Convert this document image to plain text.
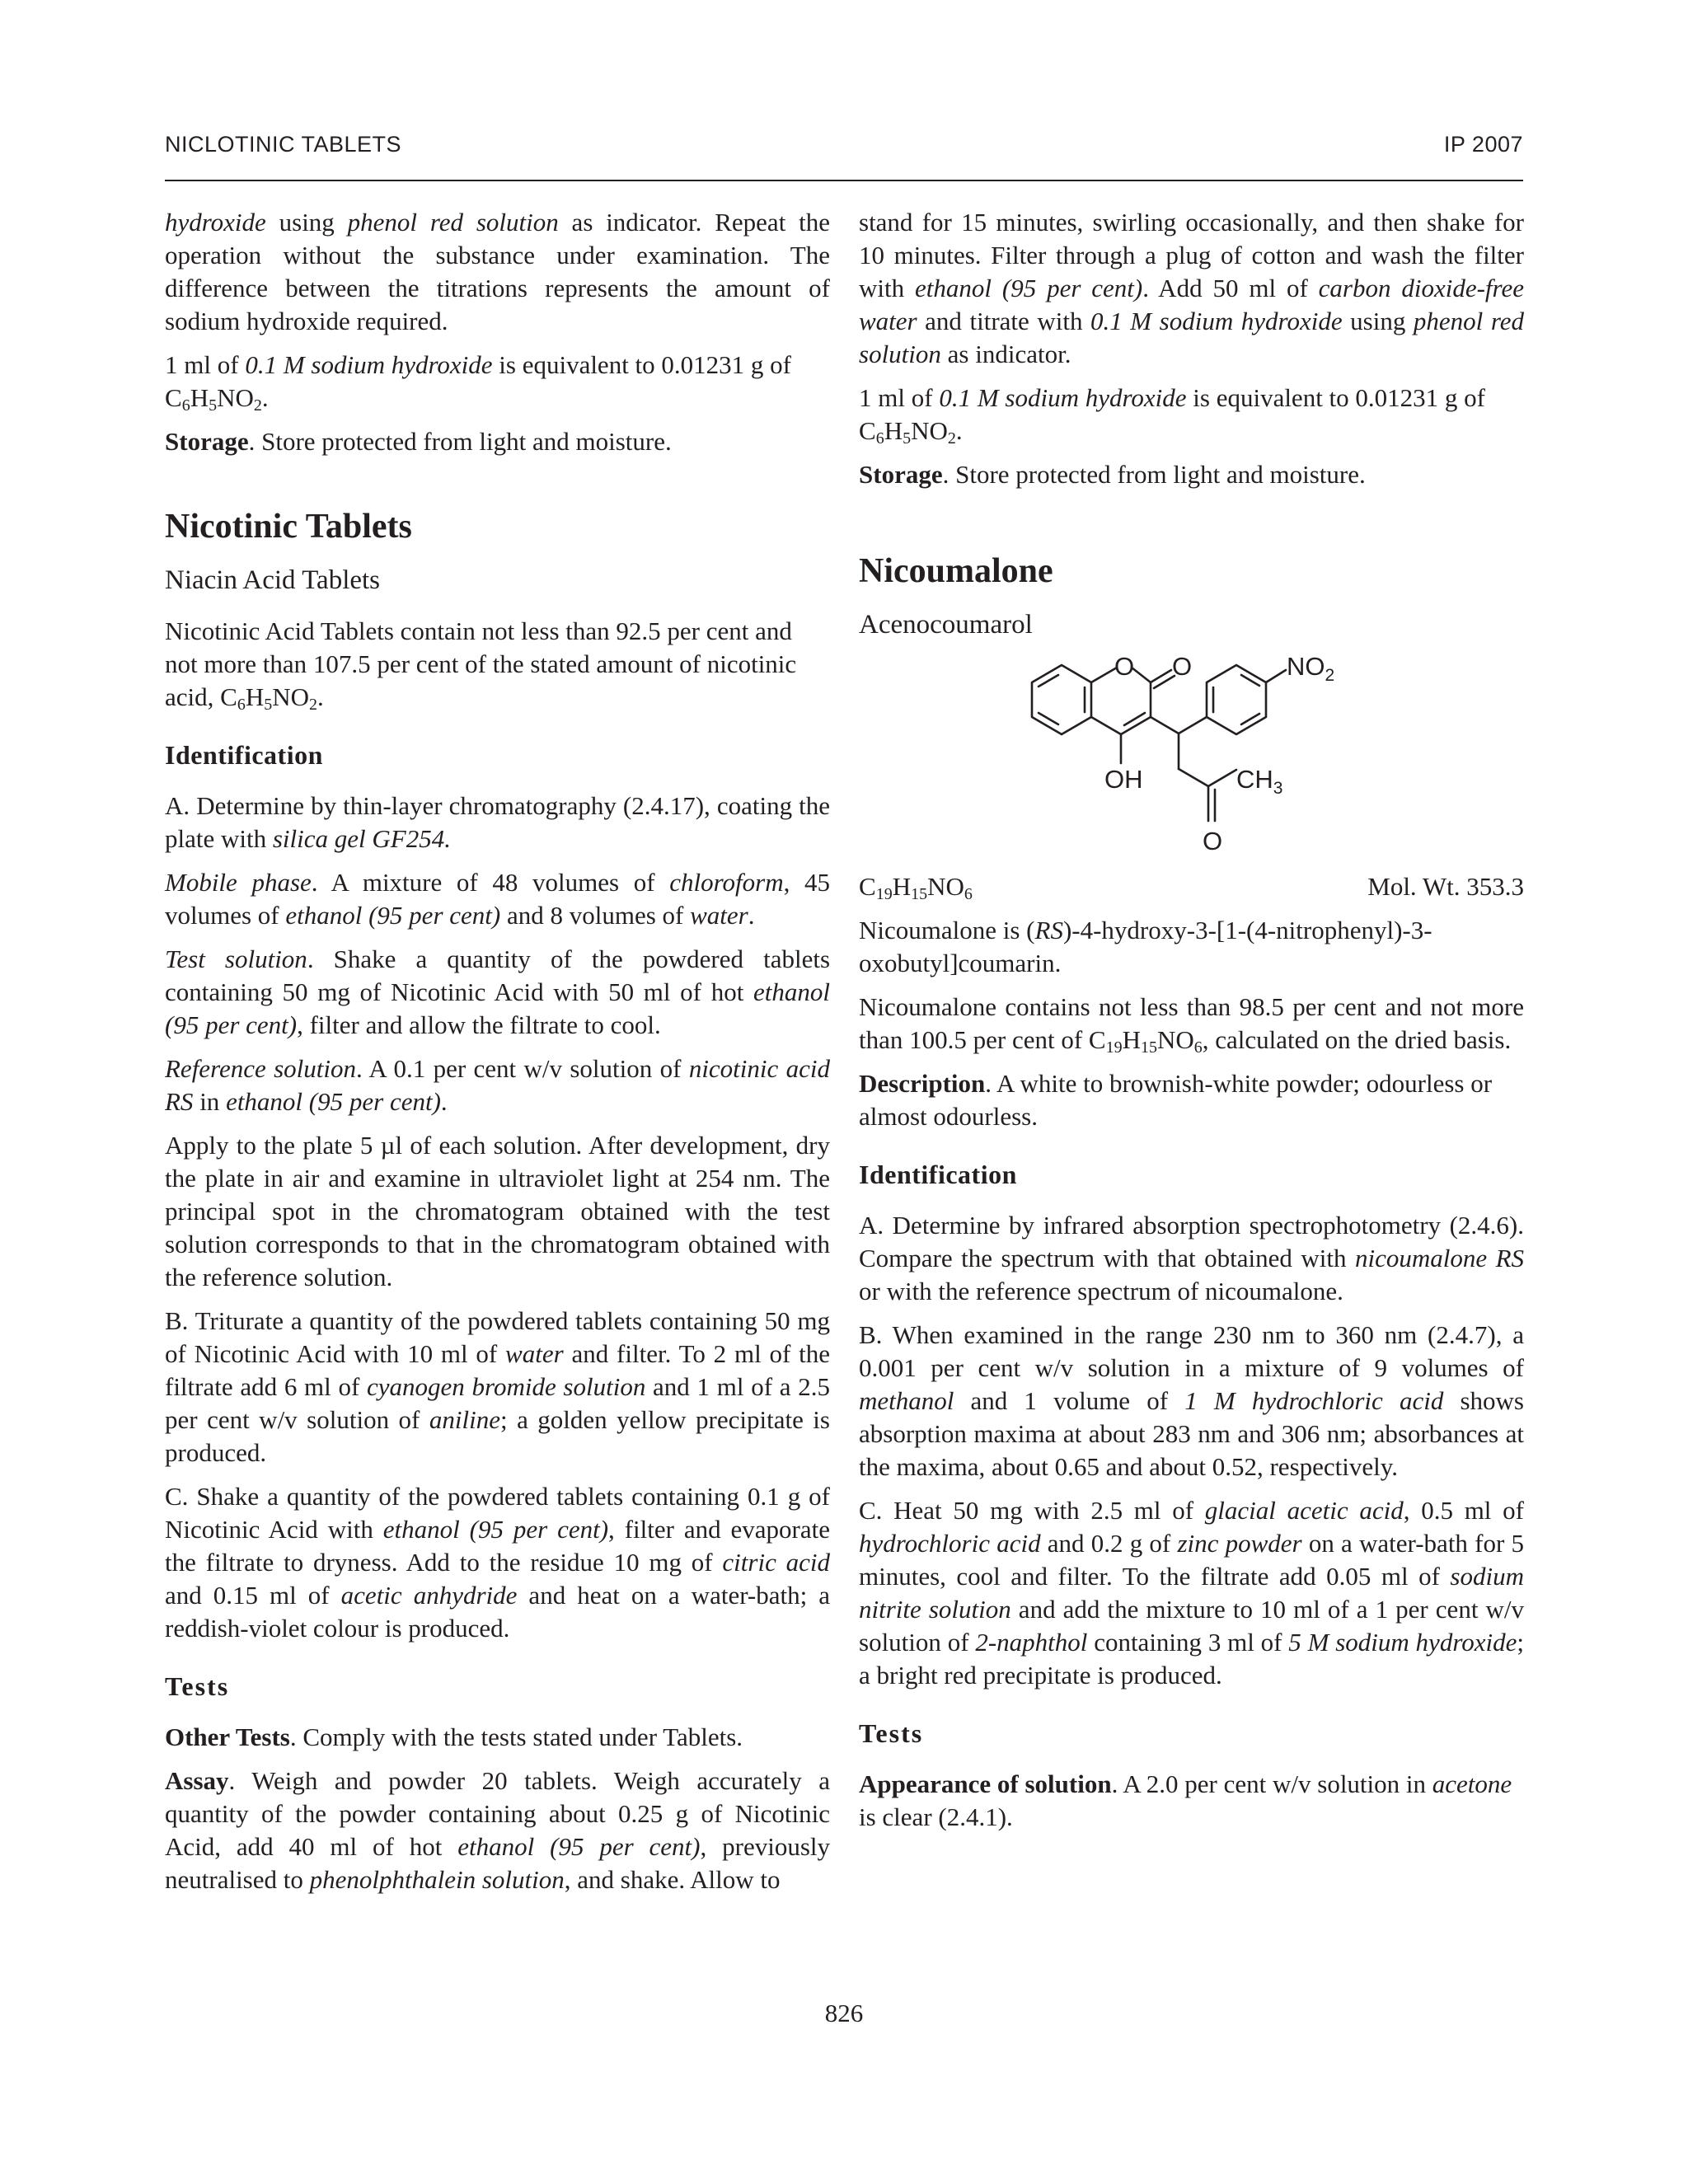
NICLOTINIC TABLETS	IP 2007

hydroxide using phenol red solution as indicator. Repeat the operation without the substance under examination. The difference between the titrations represents the amount of sodium hydroxide required.

1 ml of 0.1 M sodium hydroxide is equivalent to 0.01231 g of $C_6H_5NO_2$.

Storage. Store protected from light and moisture.

Nicotinic Tablets
Niacin Acid Tablets

Nicotinic Acid Tablets contain not less than 92.5 per cent and not more than 107.5 per cent of the stated amount of nicotinic acid, $C_6H_5NO_2$.

Identification

A. Determine by thin-layer chromatography (2.4.17), coating the plate with silica gel GF254.

Mobile phase. A mixture of 48 volumes of chloroform, 45 volumes of ethanol (95 per cent) and 8 volumes of water.

Test solution. Shake a quantity of the powdered tablets containing 50 mg of Nicotinic Acid with 50 ml of hot ethanol (95 per cent), filter and allow the filtrate to cool.

Reference solution. A 0.1 per cent w/v solution of nicotinic acid RS in ethanol (95 per cent).

Apply to the plate 5 µl of each solution. After development, dry the plate in air and examine in ultraviolet light at 254 nm. The principal spot in the chromatogram obtained with the test solution corresponds to that in the chromatogram obtained with the reference solution.

B. Triturate a quantity of the powdered tablets containing 50 mg of Nicotinic Acid with 10 ml of water and filter. To 2 ml of the filtrate add 6 ml of cyanogen bromide solution and 1 ml of a 2.5 per cent w/v solution of aniline; a golden yellow precipitate is produced.

C. Shake a quantity of the powdered tablets containing 0.1 g of Nicotinic Acid with ethanol (95 per cent), filter and evaporate the filtrate to dryness. Add to the residue 10 mg of citric acid and 0.15 ml of acetic anhydride and heat on a water-bath; a reddish-violet colour is produced.

Tests

Other Tests. Comply with the tests stated under Tablets.

Assay. Weigh and powder 20 tablets. Weigh accurately a quantity of the powder containing about 0.25 g of Nicotinic Acid, add 40 ml of hot ethanol (95 per cent), previously neutralised to phenolphthalein solution, and shake. Allow to

stand for 15 minutes, swirling occasionally, and then shake for 10 minutes. Filter through a plug of cotton and wash the filter with ethanol (95 per cent). Add 50 ml of carbon dioxide-free water and titrate with 0.1 M sodium hydroxide using phenol red solution as indicator.

1 ml of 0.1 M sodium hydroxide is equivalent to 0.01231 g of $C_6H_5NO_2$.

Storage. Store protected from light and moisture.

Nicoumalone
Acenocoumarol
O O	$NO_2$
OH	$CH_3$
O
$C_{19}H_{15}NO_6$	Mol. Wt. 353.3

Nicoumalone is (RS)-4-hydroxy-3-[1-(4-nitrophenyl)-3-oxobutyl]coumarin.

Nicoumalone contains not less than 98.5 per cent and not more than 100.5 per cent of $C_{19}H_{15}NO_6$, calculated on the dried basis.

Description. A white to brownish-white powder; odourless or almost odourless.

Identification

A. Determine by infrared absorption spectrophotometry (2.4.6). Compare the spectrum with that obtained with nicoumalone RS or with the reference spectrum of nicoumalone.

B. When examined in the range 230 nm to 360 nm (2.4.7), a 0.001 per cent w/v solution in a mixture of 9 volumes of methanol and 1 volume of 1 M hydrochloric acid shows absorption maxima at about 283 nm and 306 nm; absorbances at the maxima, about 0.65 and about 0.52, respectively.

C. Heat 50 mg with 2.5 ml of glacial acetic acid, 0.5 ml of hydrochloric acid and 0.2 g of zinc powder on a water-bath for 5 minutes, cool and filter. To the filtrate add 0.05 ml of sodium nitrite solution and add the mixture to 10 ml of a 1 per cent w/v solution of 2-naphthol containing 3 ml of 5 M sodium hydroxide; a bright red precipitate is produced.

Tests

Appearance of solution. A 2.0 per cent w/v solution in acetone is clear (2.4.1).

826
